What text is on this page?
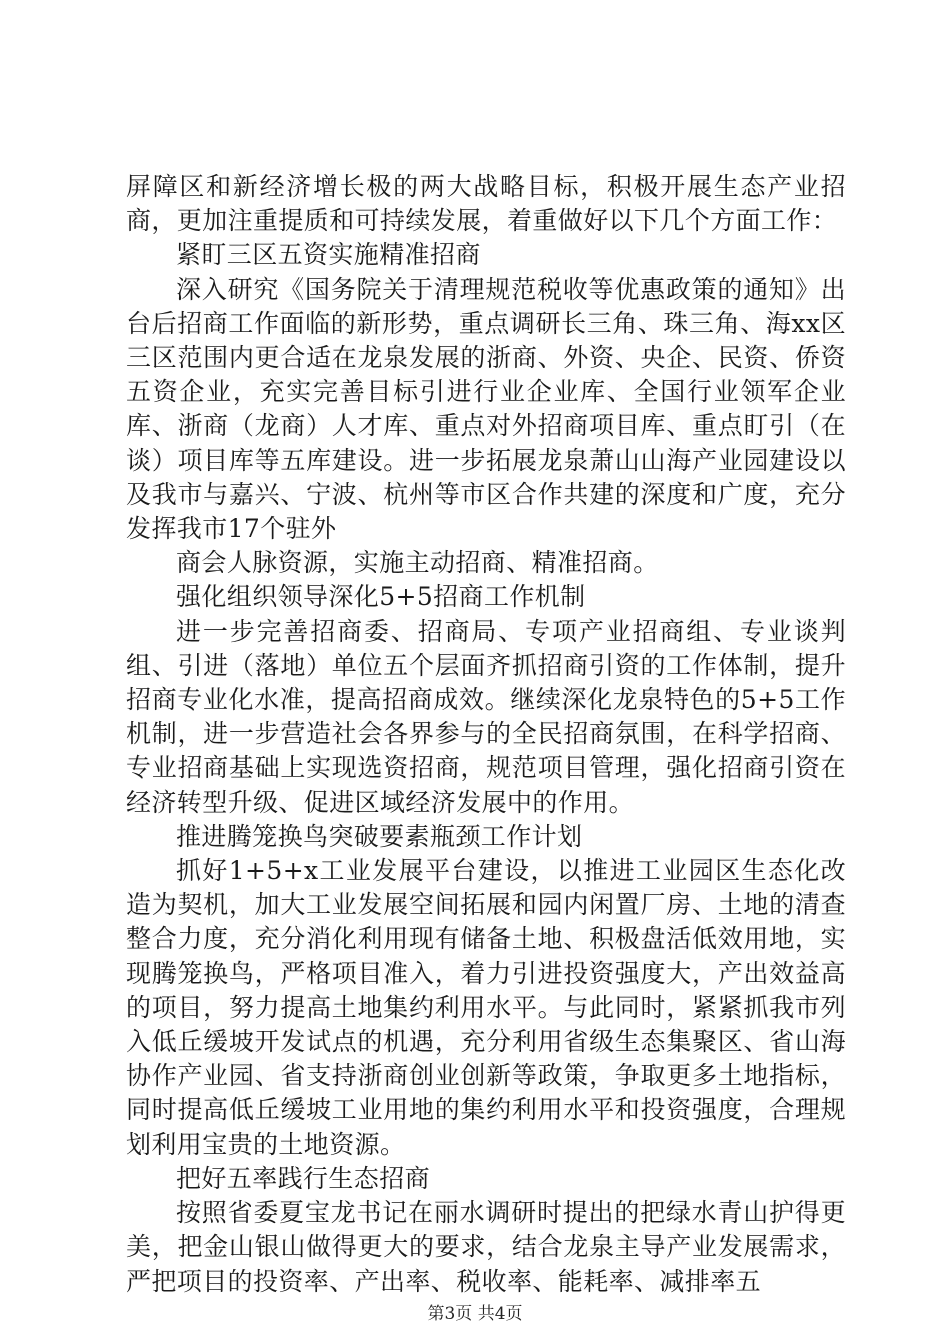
屏障区和新经济增长极的两大战略目标，积极开展生态产业招商，更加注重提质和可持续发展，着重做好以下几个方面工作：

紧盯三区五资实施精准招商

深入研究《国务院关于清理规范税收等优惠政策的通知》出台后招商工作面临的新形势，重点调研长三角、珠三角、海xx区三区范围内更合适在龙泉发展的浙商、外资、央企、民资、侨资五资企业，充实完善目标引进行业企业库、全国行业领军企业库、浙商（龙商）人才库、重点对外招商项目库、重点盯引（在谈）项目库等五库建设。进一步拓展龙泉萧山山海产业园建设以及我市与嘉兴、宁波、杭州等市区合作共建的深度和广度，充分发挥我市17个驻外

商会人脉资源，实施主动招商、精准招商。

强化组织领导深化5+5招商工作机制

进一步完善招商委、招商局、专项产业招商组、专业谈判组、引进（落地）单位五个层面齐抓招商引资的工作体制，提升招商专业化水准，提高招商成效。继续深化龙泉特色的5+5工作机制，进一步营造社会各界参与的全民招商氛围，在科学招商、专业招商基础上实现选资招商，规范项目管理，强化招商引资在经济转型升级、促进区域经济发展中的作用。

推进腾笼换鸟突破要素瓶颈工作计划

抓好1+5+x工业发展平台建设，以推进工业园区生态化改造为契机，加大工业发展空间拓展和园内闲置厂房、土地的清查整合力度，充分消化利用现有储备土地、积极盘活低效用地，实现腾笼换鸟，严格项目准入，着力引进投资强度大，产出效益高的项目，努力提高土地集约利用水平。与此同时，紧紧抓我市列入低丘缓坡开发试点的机遇，充分利用省级生态集聚区、省山海协作产业园、省支持浙商创业创新等政策，争取更多土地指标，同时提高低丘缓坡工业用地的集约利用水平和投资强度，合理规划利用宝贵的土地资源。

把好五率践行生态招商

按照省委夏宝龙书记在丽水调研时提出的把绿水青山护得更美，把金山银山做得更大的要求，结合龙泉主导产业发展需求，严把项目的投资率、产出率、税收率、能耗率、减排率五

第3页 共4页
